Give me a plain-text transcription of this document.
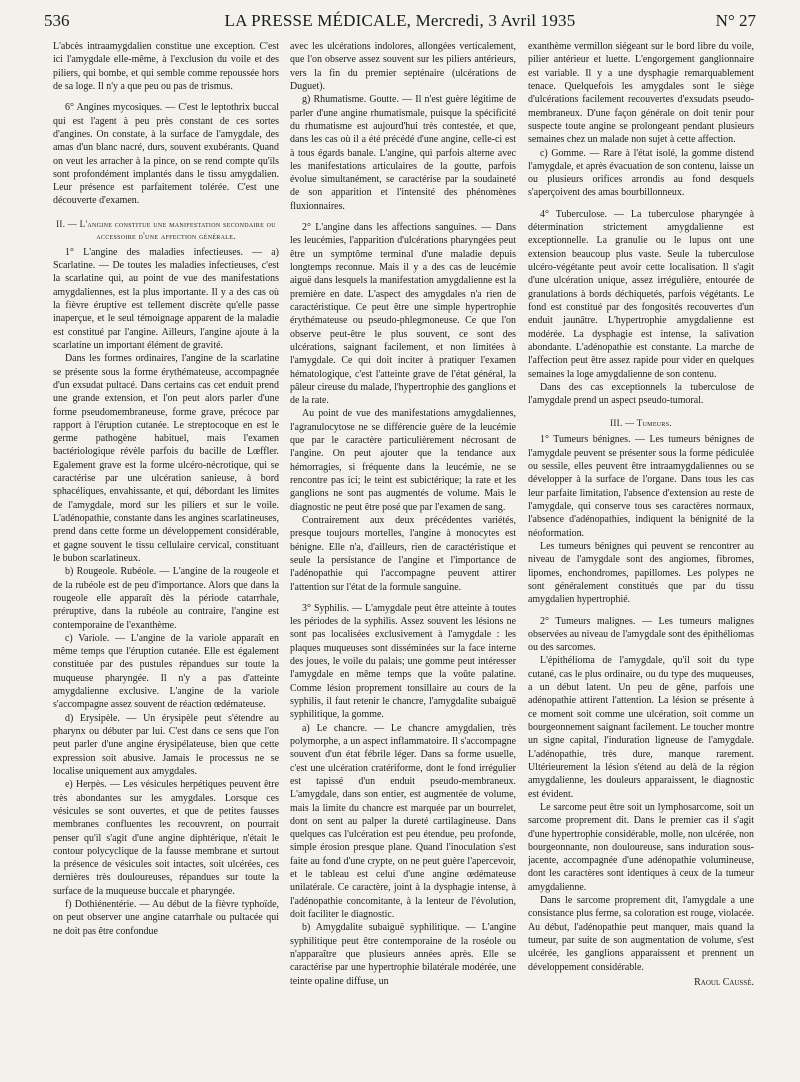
536	LA PRESSE MÉDICALE, Mercredi, 3 Avril 1935	N° 27

L'abcès intraamygdalien constitue une exception. C'est ici l'amygdale elle-même, à l'exclusion du voile et des piliers, qui bombe, et qui semble comme repoussée hors de sa loge. Il n'y a que peu ou pas de trismus.

6° Angines mycosiques. — C'est le leptothrix buccal qui est l'agent à peu près constant de ces sortes d'angines. On constate, à la surface de l'amygdale, des amas d'un blanc nacré, durs, souvent exubérants. Quand on veut les arracher à la pince, on se rend compte qu'ils sont profondément implantés dans le tissu amygdalien. Leur présence est parfaitement tolérée. C'est une découverte d'examen.

II. — L'angine constitue une manifestation secondaire ou accessoire d'une affection générale.

1° L'angine des maladies infectieuses. — a) Scarlatine. — De toutes les maladies infectieuses, c'est la scarlatine qui, au point de vue des manifestations amygdaliennes, est la plus importante. Il y a des cas où la fièvre éruptive est tellement discrète qu'elle passe inaperçue, et le seul témoignage apparent de la maladie est constitué par l'angine. Ailleurs, l'angine ajoute à la scarlatine un important élément de gravité.

Dans les formes ordinaires, l'angine de la scarlatine se présente sous la forme érythémateuse, accompagnée d'un exsudat pultacé. Dans certains cas cet enduit prend une grande extension, et l'on peut alors parler d'une forme pseudomembraneuse, forme grave, précoce par rapport à l'éruption cutanée. Le streptocoque en est le germe pathogène habituel, mais l'examen bactériologique révèle parfois du bacille de Lœffler. Egalement grave est la forme ulcéro-nécrotique, qui se caractérise par une ulcération sanieuse, à bord sphacéliques, envahissante, et qui, débordant les limites de l'amygdale, mord sur les piliers et sur le voile. L'adénopathie, constante dans les angines scarlatineuses, prend dans cette forme un développement considérable, et gagne souvent le tissu cellulaire cervical, constituant le bubon scarlatineux.

b) Rougeole. Rubéole. — L'angine de la rougeole et de la rubéole est de peu d'importance. Alors que dans la rougeole elle apparaît dès la période catarrhale, préruptive, dans la rubéole au contraire, l'angine est contemporaine de l'exanthème.

c) Variole. — L'angine de la variole apparaît en même temps que l'éruption cutanée. Elle est également constituée par des pustules répandues sur toute la muqueuse pharyngée. Il n'y a pas d'atteinte amygdalienne exclusive. L'angine de la variole s'accompagne assez souvent de réaction œdémateuse.

d) Erysipèle. — Un érysipèle peut s'étendre au pharynx ou débuter par lui. C'est dans ce sens que l'on peut parler d'une angine érysipélateuse, bien que cette expression soit abusive. Jamais le processus ne se localise uniquement aux amygdales.

e) Herpès. — Les vésicules herpétiques peuvent être très abondantes sur les amygdales. Lorsque ces vésicules se sont ouvertes, et que de petites fausses membranes confluentes les recouvrent, on pourrait penser qu'il s'agit d'une angine diphtérique, n'était le contour polycyclique de la fausse membrane et surtout la présence de vésicules soit intactes, soit ulcérées, ces dernières très douloureuses, répandues sur toute la surface de la muqueuse buccale et pharyngée.

f) Dothiénentérie. — Au début de la fièvre typhoïde, on peut observer une angine catarrhale ou pultacée qui ne doit pas être confondue

avec les ulcérations indolores, allongées verticalement, que l'on observe assez souvent sur les piliers antérieurs, vers la fin du premier septénaire (ulcérations de Duguet).

g) Rhumatisme. Goutte. — Il n'est guère légitime de parler d'une angine rhumatismale, puisque la spécificité du rhumatisme est aujourd'hui très contestée, et que, dans les cas où il a été précédé d'une angine, celle-ci est à tous égards banale. L'angine, qui parfois alterne avec les manifestations articulaires de la goutte, parfois évolue simultanément, se caractérise par la soudaineté de son apparition et l'intensité des phénomènes fluxionnaires.

2° L'angine dans les affections sanguines. — Dans les leucémies, l'apparition d'ulcérations pharyngées peut être un symptôme terminal d'une maladie depuis longtemps reconnue. Mais il y a des cas de leucémie aiguë dans lesquels la manifestation amygdalienne est la première en date. L'aspect des amygdales n'a rien de caractéristique. Ce peut être une simple hypertrophie érythémateuse ou pseudo-phlegmoneuse. Ce que l'on observe peut-être le plus souvent, ce sont des ulcérations, saignant facilement, et non limitées à l'amygdale. Ce qui doit inciter à pratiquer l'examen hématologique, c'est l'atteinte grave de l'état général, la pâleur cireuse du malade, l'hypertrophie des ganglions et de la rate.

Au point de vue des manifestations amygdaliennes, l'agranulocytose ne se différencie guère de la leucémie que par le caractère particulièrement nécrosant de l'angine. On peut ajouter que la tendance aux hémorragies, si fréquente dans la leucémie, ne se rencontre pas ici; le teint est subictérique; la rate et les ganglions ne sont pas augmentés de volume. Mais le diagnostic ne peut être posé que par l'examen de sang.

Contrairement aux deux précédentes variétés, presque toujours mortelles, l'angine à monocytes est bénigne. Elle n'a, d'ailleurs, rien de caractéristique et seule la persistance de l'angine et l'importance de l'adénopathie qui l'accompagne peuvent attirer l'attention sur l'état de la formule sanguine.

3° Syphilis. — L'amygdale peut être atteinte à toutes les périodes de la syphilis. Assez souvent les lésions ne sont pas localisées exclusivement à l'amygdale : les plaques muqueuses sont disséminées sur la face interne des joues, le voile du palais; une gomme peut intéresser l'amygdale en même temps que la voûte palatine. Comme lésion proprement tonsillaire au cours de la syphilis, il faut retenir le chancre, l'amygdalite subaiguë syphilitique, la gomme.

a) Le chancre. — Le chancre amygdalien, très polymorphe, a un aspect inflammatoire. Il s'accompagne souvent d'un état fébrile léger. Dans sa forme usuelle, c'est une ulcération cratériforme, dont le fond irrégulier est tapissé d'un enduit pseudo-membraneux. L'amygdale, dans son entier, est augmentée de volume, mais la limite du chancre est marquée par un bourrelet, dont on sent au palper la dureté cartilagineuse. Dans quelques cas l'ulcération est peu étendue, peu profonde, simple érosion presque plane. Quand l'inoculation s'est faite au fond d'une crypte, on ne peut guère l'apercevoir, et le tableau est celui d'une angine œdémateuse unilatérale. Ce caractère, joint à la dysphagie intense, à l'adénopathie concomitante, à la lenteur de l'évolution, doit faciliter le diagnostic.

b) Amygdalite subaiguë syphilitique. — L'angine syphilitique peut être contemporaine de la roséole ou n'apparaître que plusieurs années après. Elle se caractérise par une hypertrophie bilatérale modérée, une teinte opaline diffuse, un

exanthème vermillon siégeant sur le bord libre du voile, pilier antérieur et luette. L'engorgement ganglionnaire est variable. Il y a une dysphagie remarquablement tenace. Quelquefois les amygdales sont le siège d'ulcérations facilement recouvertes d'exsudats pseudo-membraneux. D'une façon générale on doit tenir pour suspecte toute angine se prolongeant pendant plusieurs semaines chez un malade non sujet à cette affection.

c) Gomme. — Rare à l'état isolé, la gomme distend l'amygdale, et après évacuation de son contenu, laisse un ou plusieurs orifices arrondis au fond desquels s'aperçoivent des amas bourbillonneux.

4° Tuberculose. — La tuberculose pharyngée à détermination strictement amygdalienne est exceptionnelle. La granulie ou le lupus ont une extension beaucoup plus vaste. Seule la tuberculose ulcéro-végétante peut avoir cette localisation. Il s'agit d'une ulcération unique, assez irrégulière, entourée de granulations à bords déchiquetés, parfois végétants. Le fond est constitué par des fongosités recouvertes d'un enduit jaunâtre. L'hypertrophie amygdalienne est modérée. La dysphagie est intense, la salivation abondante. L'adénopathie est constante. La marche de l'affection peut être assez rapide pour vider en quelques semaines la loge amygdalienne de son contenu.

Dans des cas exceptionnels la tuberculose de l'amygdale prend un aspect pseudo-tumoral.

III. — Tumeurs.

1° Tumeurs bénignes. — Les tumeurs bénignes de l'amygdale peuvent se présenter sous la forme pédiculée ou sessile, elles peuvent être intraamygdaliennes ou se développer à la surface de l'organe. Dans tous les cas leur parfaite limitation, l'absence d'extension au reste de l'amygdale, qui conserve tous ses caractères normaux, l'absence d'adénopathies, indiquent la bénignité de la néoformation.

Les tumeurs bénignes qui peuvent se rencontrer au niveau de l'amygdale sont des angiomes, fibromes, lipomes, enchondromes, papillomes. Les polypes ne sont généralement constitués que par du tissu amygdalien hypertrophié.

2° Tumeurs malignes. — Les tumeurs malignes observées au niveau de l'amygdale sont des épithéliomas ou des sarcomes.

L'épithélioma de l'amygdale, qu'il soit du type cutané, cas le plus ordinaire, ou du type des muqueuses, a un début latent. Un peu de gêne, parfois une adénopathie attirent l'attention. La lésion se présente à ce moment soit comme une ulcération, soit comme un bourgeonnement saignant facilement. Le toucher montre un signe capital, l'induration ligneuse de l'amygdale. L'adénopathie, très dure, manque rarement. Ultérieurement la lésion s'étend au delà de la région amygdalienne, les douleurs apparaissent, le diagnostic est évident.

Le sarcome peut être soit un lymphosarcome, soit un sarcome proprement dit. Dans le premier cas il s'agit d'une hypertrophie considérable, molle, non ulcérée, non bourgeonnante, non douloureuse, sans induration sous-jacente, accompagnée d'une adénopathie volumineuse, dont les caractères sont identiques à ceux de la tumeur amygdalienne.

Dans le sarcome proprement dit, l'amygdale a une consistance plus ferme, sa coloration est rouge, violacée. Au début, l'adénopathie peut manquer, mais quand la tumeur, par suite de son augmentation de volume, s'est ulcérée, les ganglions apparaissent et prennent un développement considérable.

Raoul Caussé.
